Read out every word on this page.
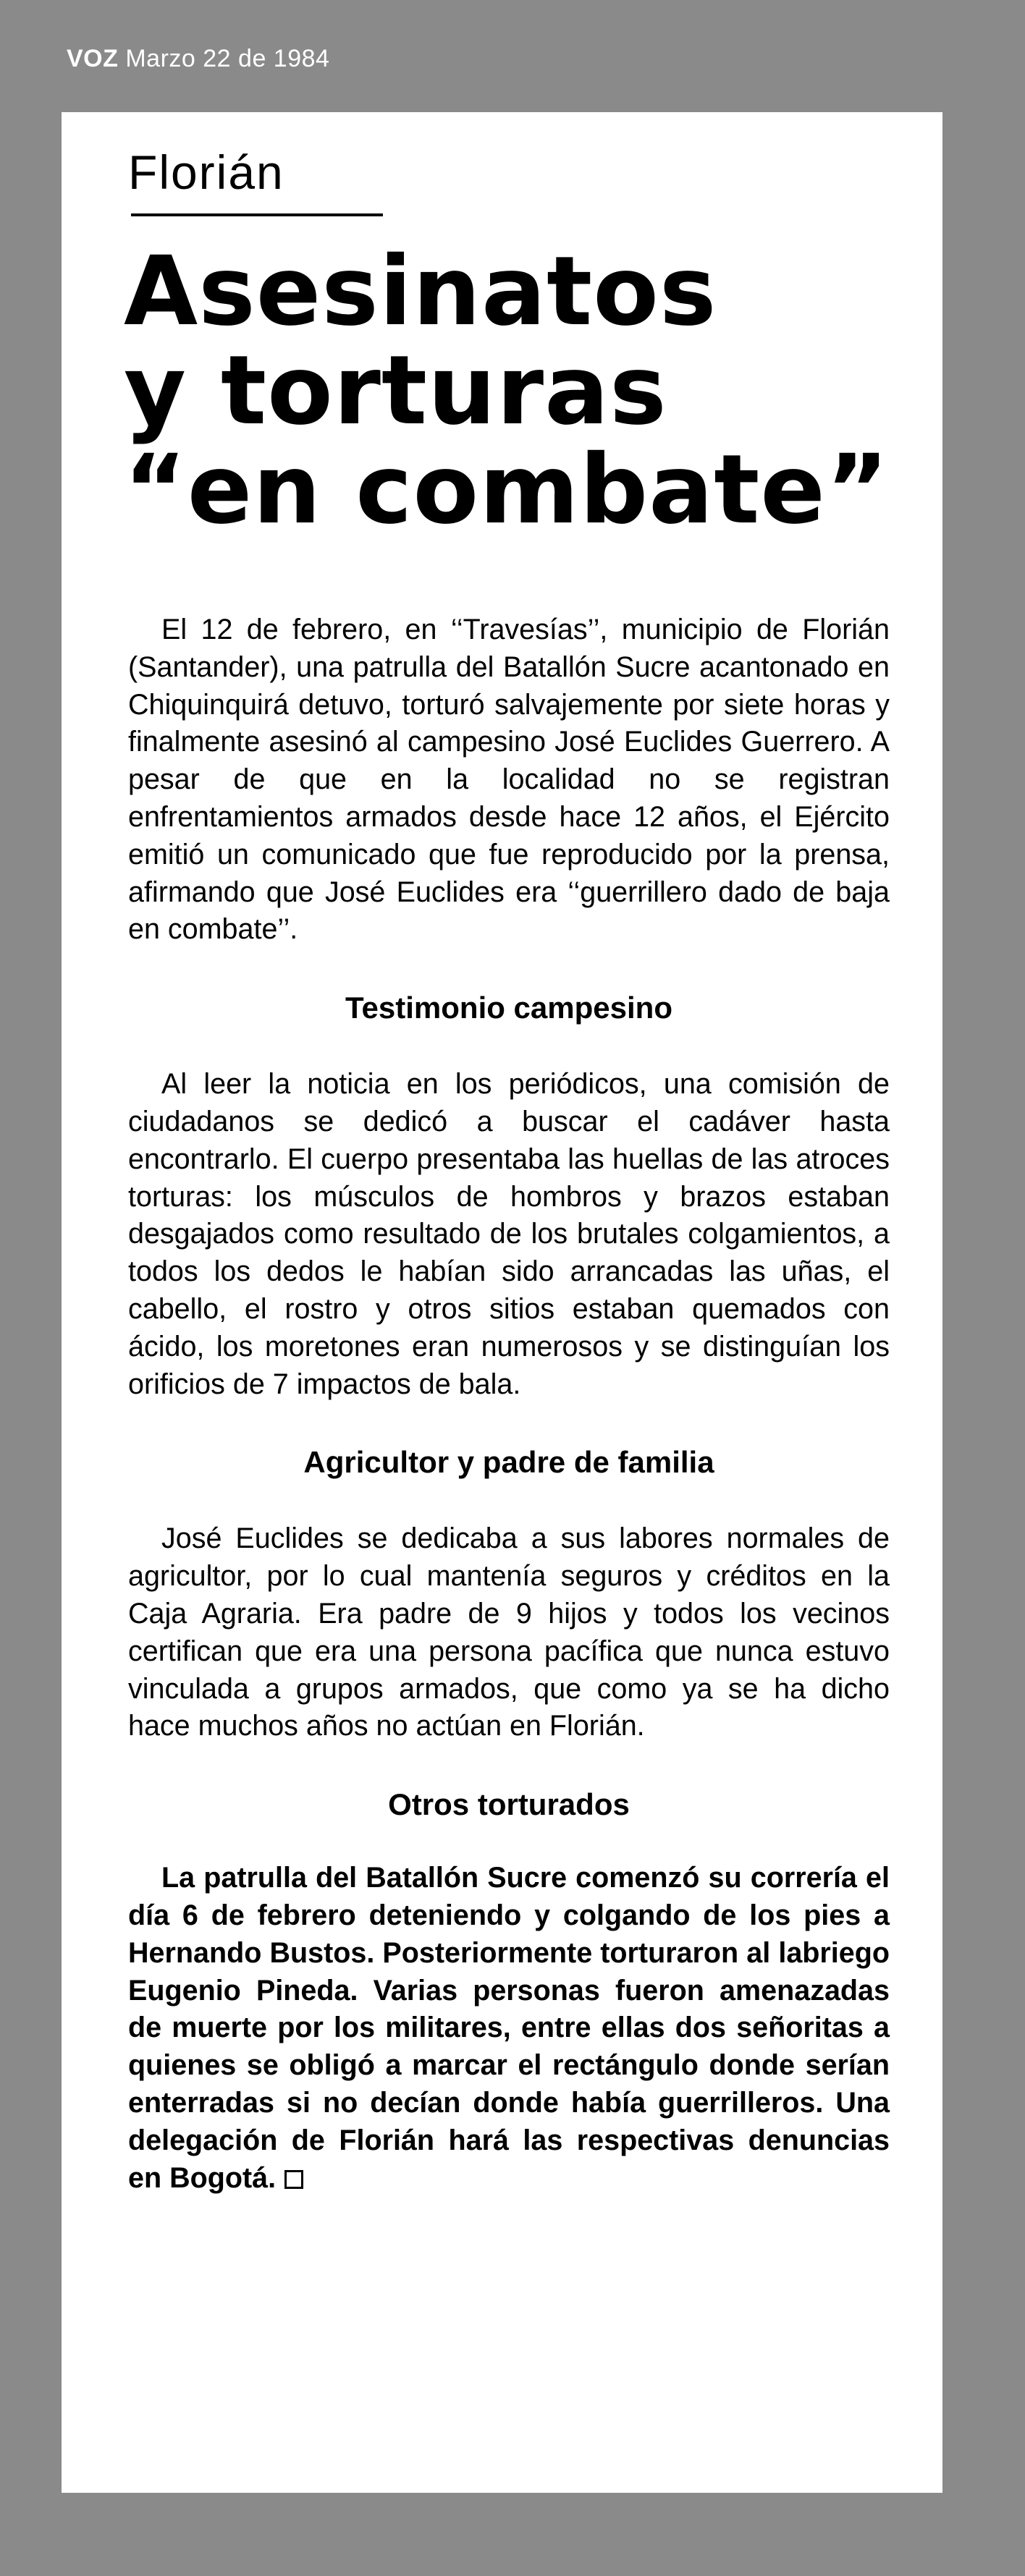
VOZ Marzo 22 de 1984
Florián
Asesinatos
y torturas
“en combate”

El 12 de febrero, en ‘‘Travesías’’, municipio de Florián (Santander), una patrulla del Batallón Sucre acantonado en Chiquinquirá detuvo, torturó salvajemente por siete horas y finalmente asesinó al campesino José Euclides Guerrero. A pesar de que en la localidad no se registran enfrentamientos armados desde hace 12 años, el Ejército emitió un comunicado que fue reproducido por la prensa, afirmando que José Euclides era ‘‘guerrillero dado de baja en combate’’.

Testimonio campesino

Al leer la noticia en los periódicos, una comisión de ciudadanos se dedicó a buscar el cadáver hasta encontrarlo. El cuerpo presentaba las huellas de las atroces torturas: los músculos de hombros y brazos estaban desgajados como resultado de los brutales colgamientos, a todos los dedos le habían sido arrancadas las uñas, el cabello, el rostro y otros sitios estaban quemados con ácido, los moretones eran numerosos y se distinguían los orificios de 7 impactos de bala.

Agricultor y padre de familia

José Euclides se dedicaba a sus labores normales de agricultor, por lo cual mantenía seguros y créditos en la Caja Agraria. Era padre de 9 hijos y todos los vecinos certifican que era una persona pacífica que nunca estuvo vinculada a grupos armados, que como ya se ha dicho hace muchos años no actúan en Florián.

Otros torturados

La patrulla del Batallón Sucre comenzó su correría el día 6 de febrero deteniendo y colgando de los pies a Hernando Bustos. Posteriormente torturaron al labriego Eugenio Pineda. Varias personas fueron amenazadas de muerte por los militares, entre ellas dos señoritas a quienes se obligó a marcar el rectángulo donde serían enterradas si no decían donde había guerrilleros. Una delegación de Florián hará las respectivas denuncias en Bogotá.
